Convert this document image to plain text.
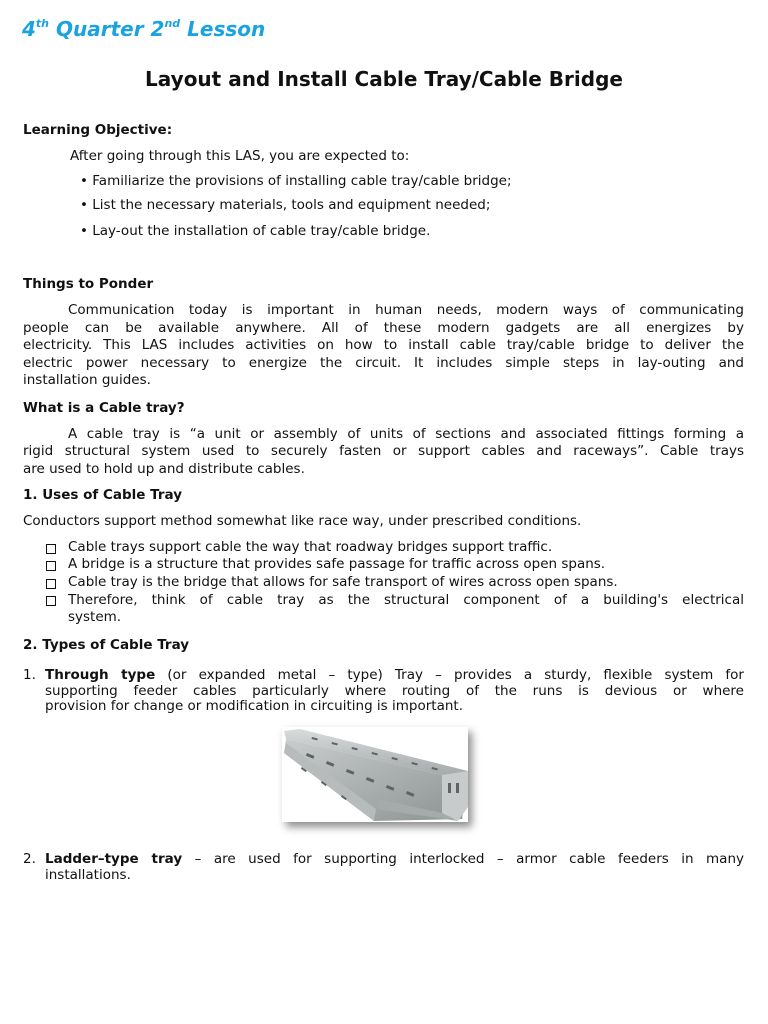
4th Quarter 2nd Lesson
Layout and Install Cable Tray/Cable Bridge
Learning Objective:
After going through this LAS, you are expected to:
• Familiarize the provisions of installing cable tray/cable bridge;
• List the necessary materials, tools and equipment needed;
• Lay-out the installation of cable tray/cable bridge.
Things to Ponder
Communication today is important in human needs, modern ways of communicating
people can be available anywhere. All of these modern gadgets are all energizes by
electricity. This LAS includes activities on how to install cable tray/cable bridge to deliver the
electric power necessary to energize the circuit. It includes simple steps in lay-outing and
installation guides.
What is a Cable tray?
A cable tray is “a unit or assembly of units of sections and associated fittings forming a
rigid structural system used to securely fasten or support cables and raceways”. Cable trays
are used to hold up and distribute cables.
1. Uses of Cable Tray
Conductors support method somewhat like race way, under prescribed conditions.
Cable trays support cable the way that roadway bridges support traffic.
A bridge is a structure that provides safe passage for traffic across open spans.
Cable tray is the bridge that allows for safe transport of wires across open spans.
Therefore, think of cable tray as the structural component of a building's electrical
system.
2. Types of Cable Tray
1. Through type (or expanded metal – type) Tray – provides a sturdy, flexible system for
supporting feeder cables particularly where routing of the runs is devious or where
provision for change or modification in circuiting is important.
2. Ladder–type tray – are used for supporting interlocked – armor cable feeders in many
installations.
